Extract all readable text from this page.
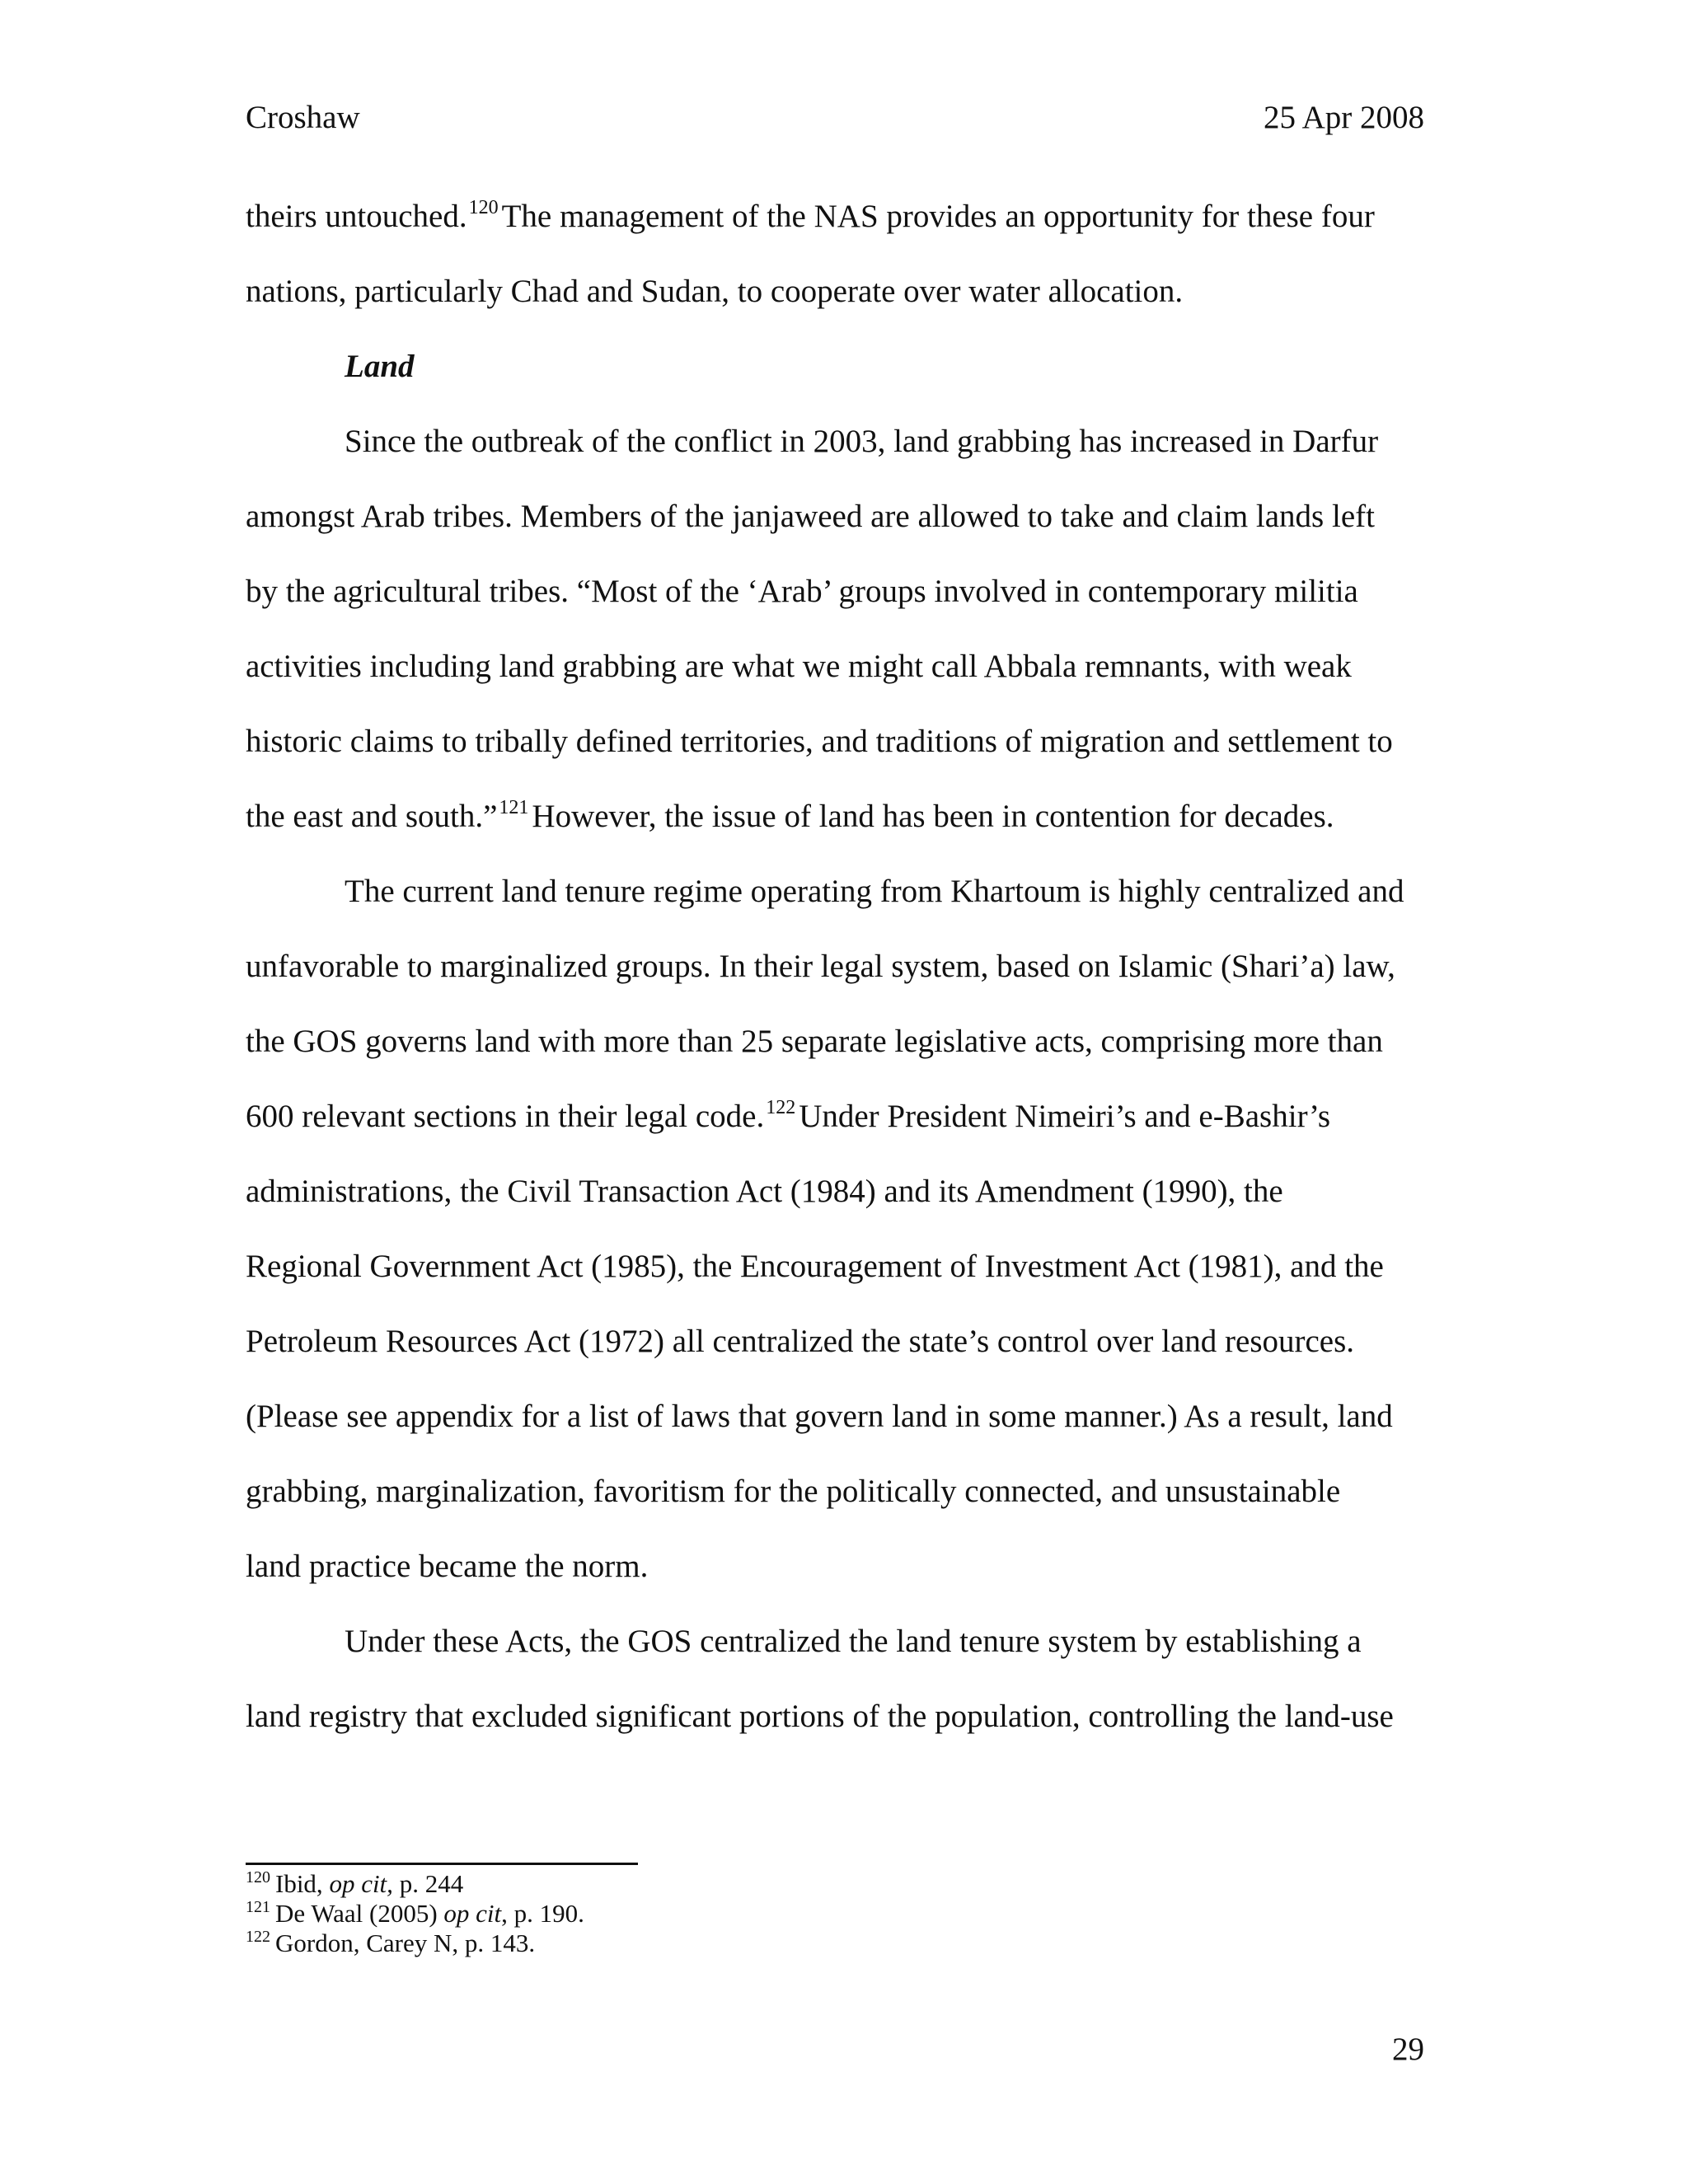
Croshaw	25 Apr 2008
theirs untouched.$^{120}$ The management of the NAS provides an opportunity for these four
nations, particularly Chad and Sudan, to cooperate over water allocation.
Land
Since the outbreak of the conflict in 2003, land grabbing has increased in Darfur
amongst Arab tribes. Members of the janjaweed are allowed to take and claim lands left
by the agricultural tribes. “Most of the ‘Arab’ groups involved in contemporary militia
activities including land grabbing are what we might call Abbala remnants, with weak
historic claims to tribally defined territories, and traditions of migration and settlement to
the east and south.”$^{121}$ However, the issue of land has been in contention for decades.
The current land tenure regime operating from Khartoum is highly centralized and
unfavorable to marginalized groups. In their legal system, based on Islamic (Shari’a) law,
the GOS governs land with more than 25 separate legislative acts, comprising more than
600 relevant sections in their legal code.$^{122}$ Under President Nimeiri’s and e-Bashir’s
administrations, the Civil Transaction Act (1984) and its Amendment (1990), the
Regional Government Act (1985), the Encouragement of Investment Act (1981), and the
Petroleum Resources Act (1972) all centralized the state’s control over land resources.
(Please see appendix for a list of laws that govern land in some manner.) As a result, land
grabbing, marginalization, favoritism for the politically connected, and unsustainable
land practice became the norm.
Under these Acts, the GOS centralized the land tenure system by establishing a
land registry that excluded significant portions of the population, controlling the land-use
$^{120}$ Ibid, op cit, p. 244
$^{121}$ De Waal (2005) op cit, p. 190.
$^{122}$ Gordon, Carey N, p. 143.
29
